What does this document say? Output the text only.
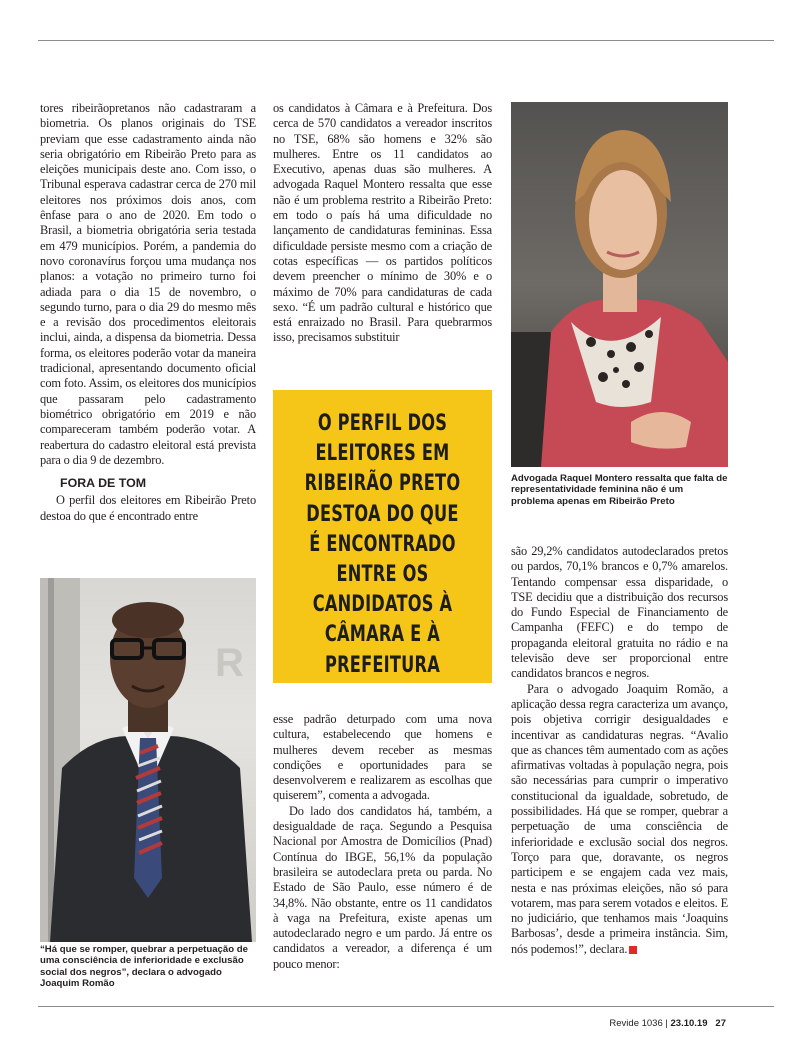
tores ribeirãopretanos não cadastraram a biometria. Os planos originais do TSE previam que esse cadastramento ainda não seria obrigatório em Ribeirão Preto para as eleições municipais deste ano. Com isso, o Tribunal esperava cadastrar cerca de 270 mil eleitores nos próximos dois anos, com ênfase para o ano de 2020. Em todo o Brasil, a biometria obrigatória seria testada em 479 municípios. Porém, a pandemia do novo coronavírus forçou uma mudança nos planos: a votação no primeiro turno foi adiada para o dia 15 de novembro, o segundo turno, para o dia 29 do mesmo mês e a revisão dos procedimentos eleitorais inclui, ainda, a dispensa da biometria. Dessa forma, os eleitores poderão votar da maneira tradicional, apresentando documento oficial com foto. Assim, os eleitores dos municípios que passaram pelo cadastramento biométrico obrigatório em 2019 e não compareceram também poderão votar. A reabertura do cadastro eleitoral está prevista para o dia 9 de dezembro.

FORA DE TOM

O perfil dos eleitores em Ribeirão Preto destoa do que é encontrado entre

R

“Há que se romper, quebrar a perpetuação de uma consciência de inferioridade e exclusão social dos negros”, declara o advogado Joaquim Romão

os candidatos à Câmara e à Prefeitura. Dos cerca de 570 candidatos a vereador inscritos no TSE, 68% são homens e 32% são mulheres. Entre os 11 candidatos ao Executivo, apenas duas são mulheres. A advogada Raquel Montero ressalta que esse não é um problema restrito a Ribeirão Preto: em todo o país há uma dificuldade no lançamento de candidaturas femininas. Essa dificuldade persiste mesmo com a criação de cotas específicas — os partidos políticos devem preencher o mínimo de 30% e o máximo de 70% para candidaturas de cada sexo. “É um padrão cultural e histórico que está enraizado no Brasil. Para quebrarmos isso, precisamos substituir

O PERFIL DOS ELEITORES EM RIBEIRÃO PRETO DESTOA DO QUE É ENCONTRADO ENTRE OS CANDIDATOS À CÂMARA E À PREFEITURA

esse padrão deturpado com uma nova cultura, estabelecendo que homens e mulheres devem receber as mesmas condições e oportunidades para se desenvolverem e realizarem as escolhas que quiserem”, comenta a advogada.

Do lado dos candidatos há, também, a desigualdade de raça. Segundo a Pesquisa Nacional por Amostra de Domicílios (Pnad) Contínua do IBGE, 56,1% da população brasileira se autodeclara preta ou parda. No Estado de São Paulo, esse número é de 34,8%. Não obstante, entre os 11 candidatos à vaga na Prefeitura, existe apenas um autodeclarado negro e um pardo. Já entre os candidatos a vereador, a diferença é um pouco menor:

Advogada Raquel Montero ressalta que falta de representatividade feminina não é um problema apenas em Ribeirão Preto

são 29,2% candidatos autodeclarados pretos ou pardos, 70,1% brancos e 0,7% amarelos. Tentando compensar essa disparidade, o TSE decidiu que a distribuição dos recursos do Fundo Especial de Financiamento de Campanha (FEFC) e do tempo de propaganda eleitoral gratuita no rádio e na televisão deve ser proporcional entre candidatos brancos e negros.

Para o advogado Joaquim Romão, a aplicação dessa regra caracteriza um avanço, pois objetiva corrigir desigualdades e incentivar as candidaturas negras. “Avalio que as chances têm aumentado com as ações afirmativas voltadas à população negra, pois são necessárias para cumprir o imperativo constitucional da igualdade, sobretudo, de possibilidades. Há que se romper, quebrar a perpetuação de uma consciência de inferioridade e exclusão social dos negros. Torço para que, doravante, os negros participem e se engajem cada vez mais, nesta e nas próximas eleições, não só para votarem, mas para serem votados e eleitos. E no judiciário, que tenhamos mais ‘Joaquins Barbosas’, desde a primeira instância. Sim, nós podemos!”, declara.	R

Revide 1036 | 23.10.19 27
